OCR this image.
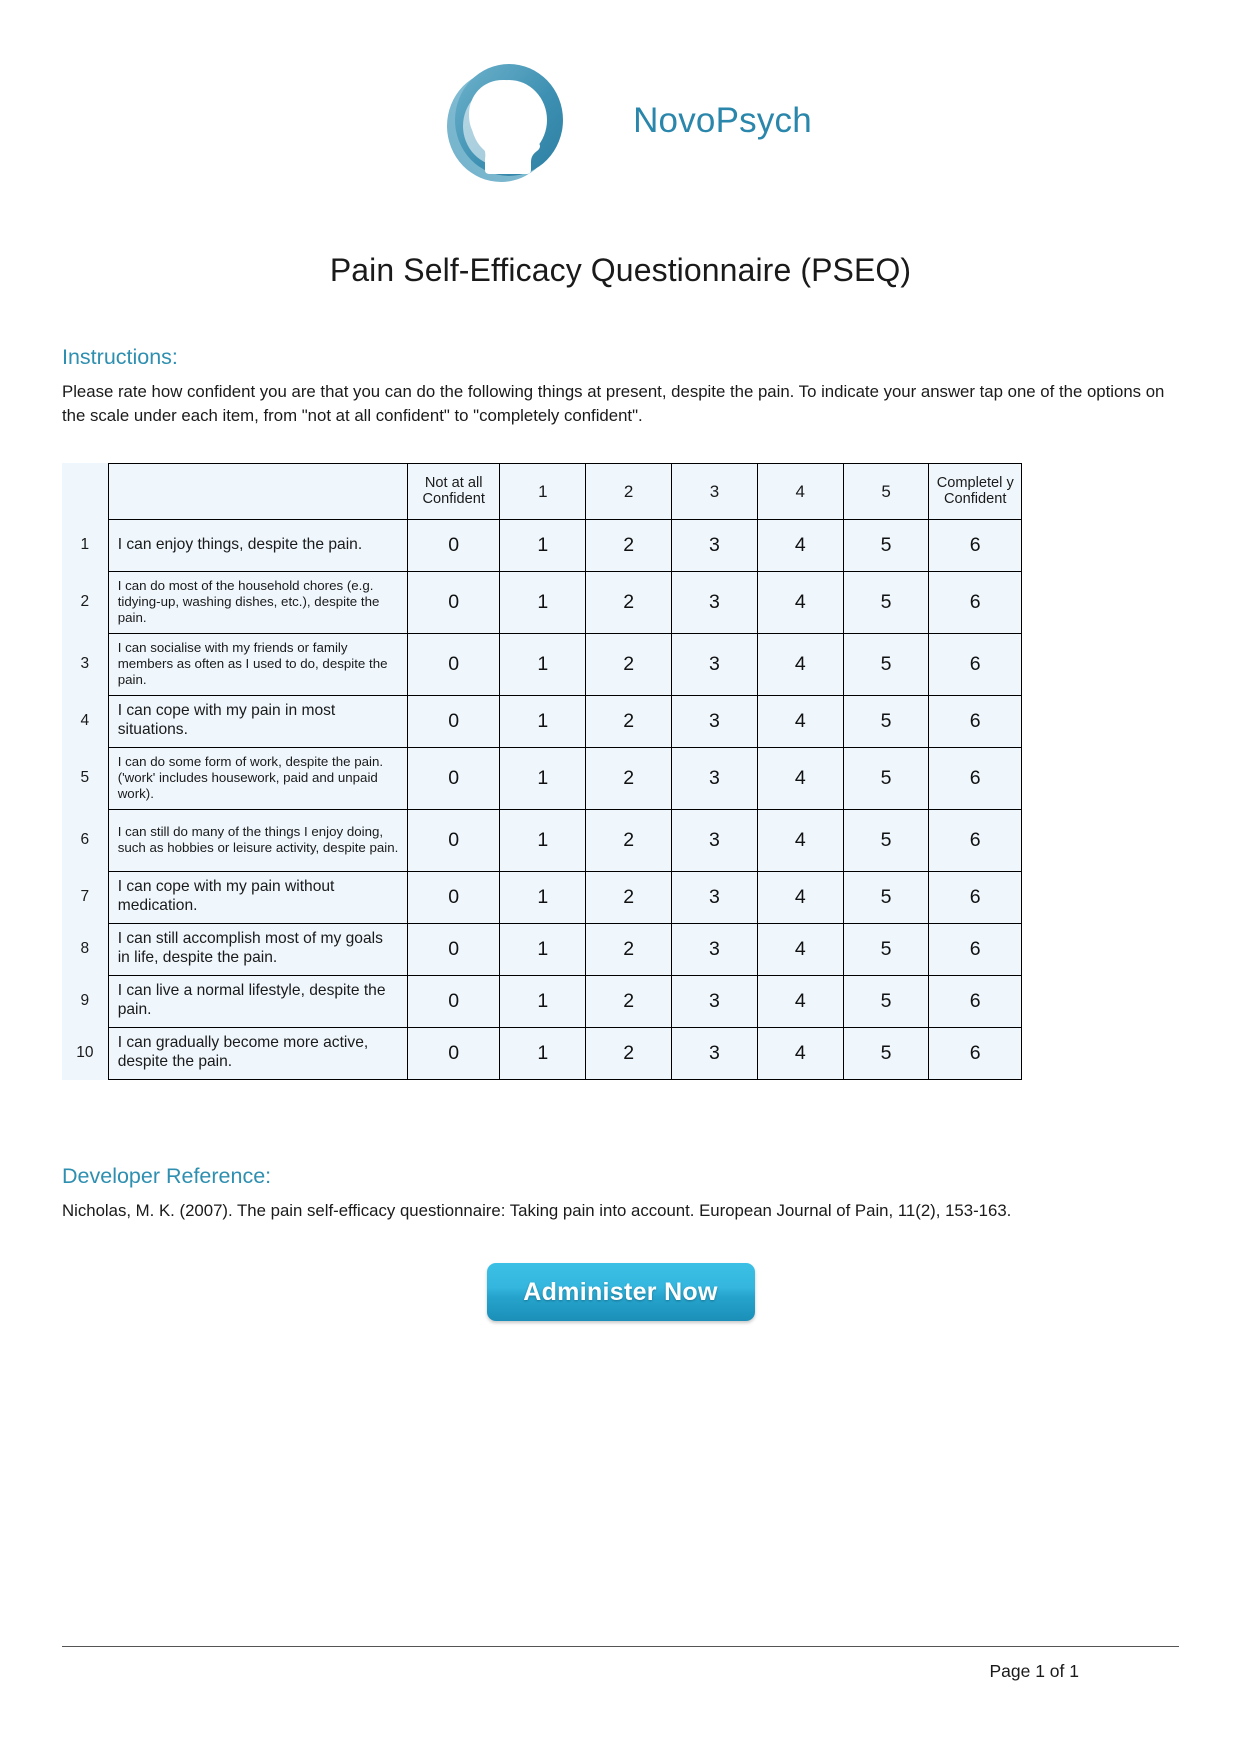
NovoPsych
Pain Self-Efficacy Questionnaire (PSEQ)
Instructions:

Please rate how confident you are that you can do the following things at present, despite the pain. To indicate your answer tap one of the options on the scale under each item, from "not at all confident" to "completely confident".

		Not at all Confident	1	2	3	4	5	Completel y Confident
1	I can enjoy things, despite the pain.	0	1	2	3	4	5	6
2	I can do most of the household chores (e.g. tidying-up, washing dishes, etc.), despite the pain.	0	1	2	3	4	5	6
3	I can socialise with my friends or family members as often as I used to do, despite the pain.	0	1	2	3	4	5	6
4	I can cope with my pain in most situations.	0	1	2	3	4	5	6
5	I can do some form of work, despite the pain. ('work' includes housework, paid and unpaid work).	0	1	2	3	4	5	6
6	I can still do many of the things I enjoy doing, such as hobbies or leisure activity, despite pain.	0	1	2	3	4	5	6
7	I can cope with my pain without medication.	0	1	2	3	4	5	6
8	I can still accomplish most of my goals in life, despite the pain.	0	1	2	3	4	5	6
9	I can live a normal lifestyle, despite the pain.	0	1	2	3	4	5	6
10	I can gradually become more active, despite the pain.	0	1	2	3	4	5	6
Developer Reference:

Nicholas, M. K. (2007). The pain self-efficacy questionnaire: Taking pain into account. European Journal of Pain, 11(2), 153-163.

Administer Now
Page 1 of 1
